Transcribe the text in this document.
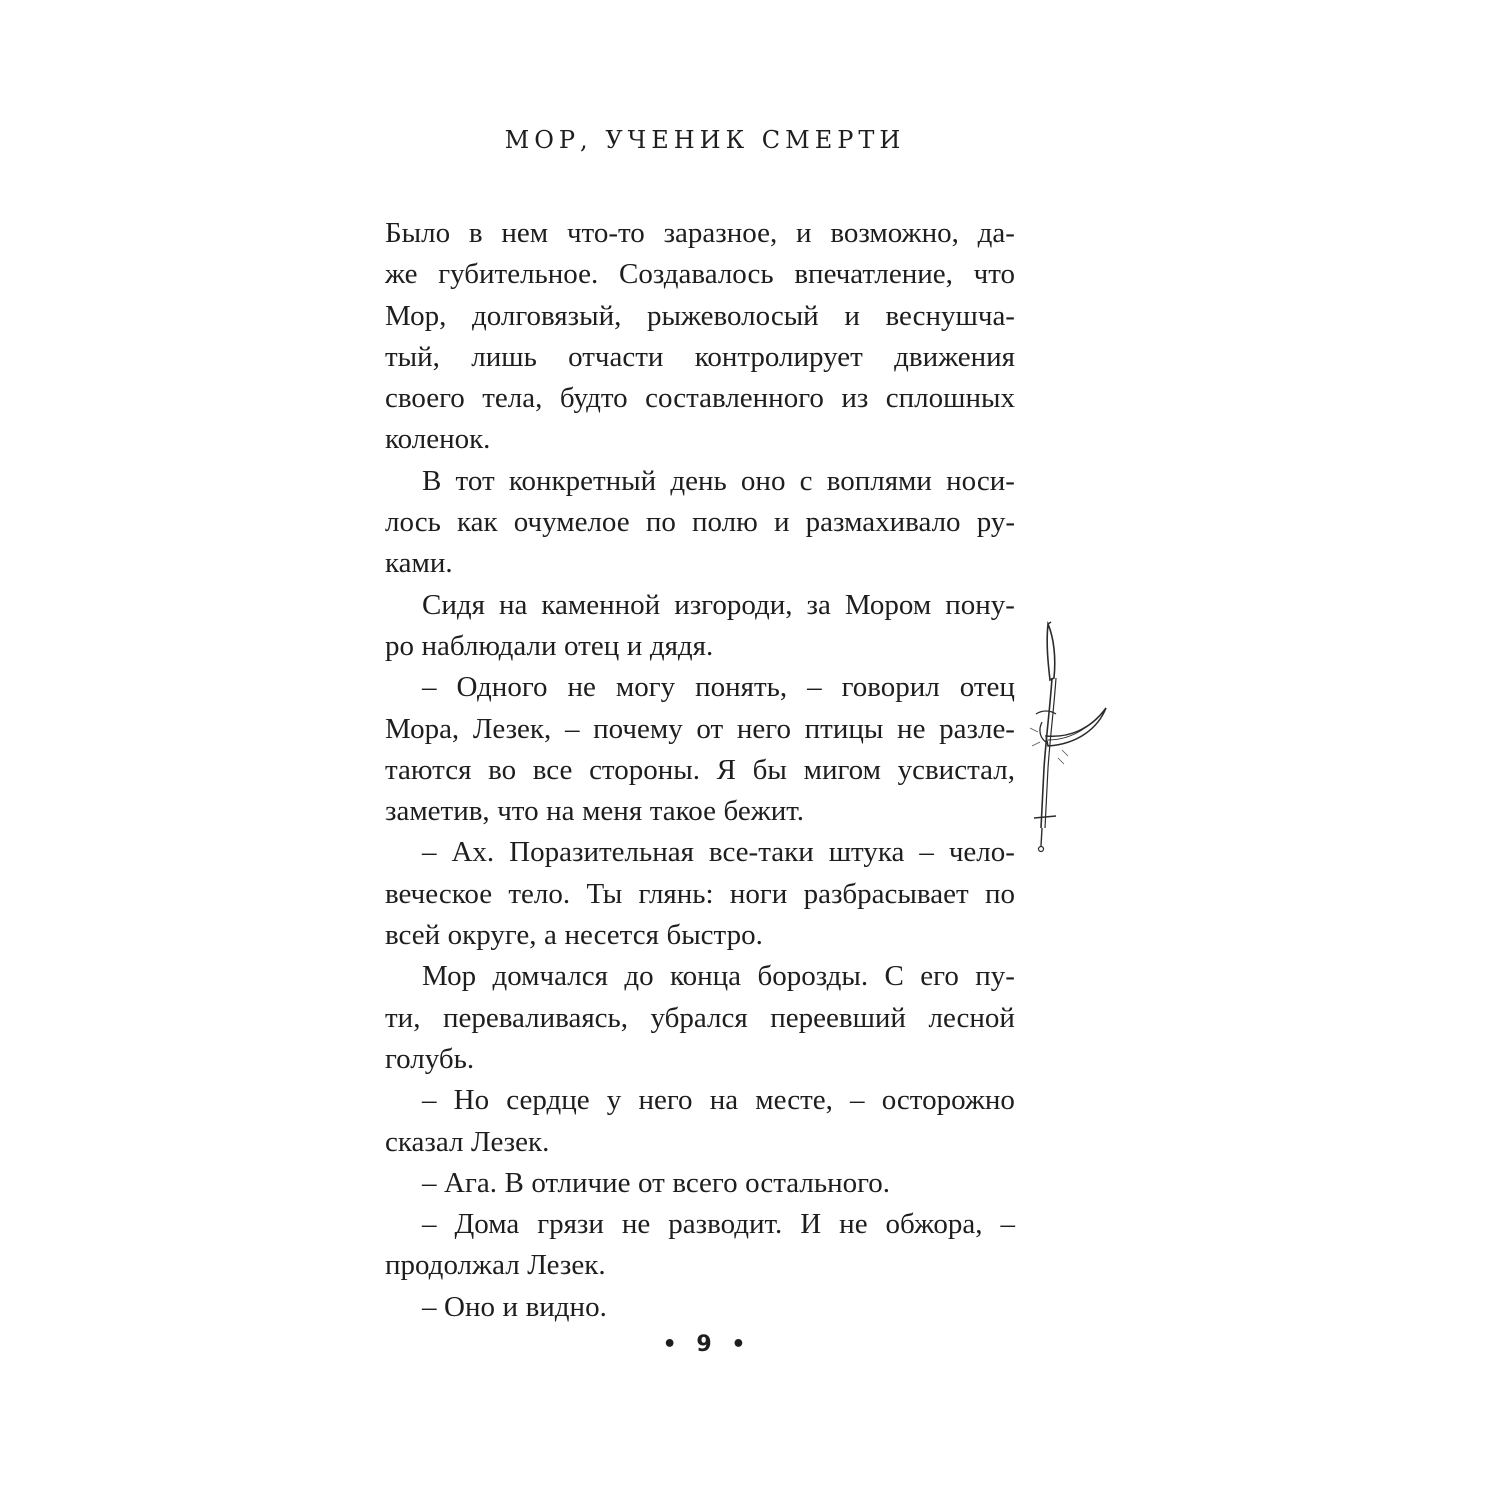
МОР, УЧЕНИК СМЕРТИ
Было в нем что-то заразное, и возможно, да-
же губительное. Создавалось впечатление, что
Мор, долговязый, рыжеволосый и веснушча-
тый, лишь отчасти контролирует движения
своего тела, будто составленного из сплошных
коленок.
В тот конкретный день оно с воплями носи-
лось как очумелое по полю и размахивало ру-
ками.
Сидя на каменной изгороди, за Мором пону-
ро наблюдали отец и дядя.
– Одного не могу понять, – говорил отец
Мора, Лезек, – почему от него птицы не разле-
таются во все стороны. Я бы мигом усвистал,
заметив, что на меня такое бежит.
– Ах. Поразительная все-таки штука – чело-
веческое тело. Ты глянь: ноги разбрасывает по
всей округе, а несется быстро.
Мор домчался до конца борозды. С его пу-
ти, переваливаясь, убрался переевший лесной
голубь.
– Но сердце у него на месте, – осторожно
сказал Лезек.
– Ага. В отличие от всего остального.
– Дома грязи не разводит. И не обжора, –
продолжал Лезек.
– Оно и видно.
• 9 •
